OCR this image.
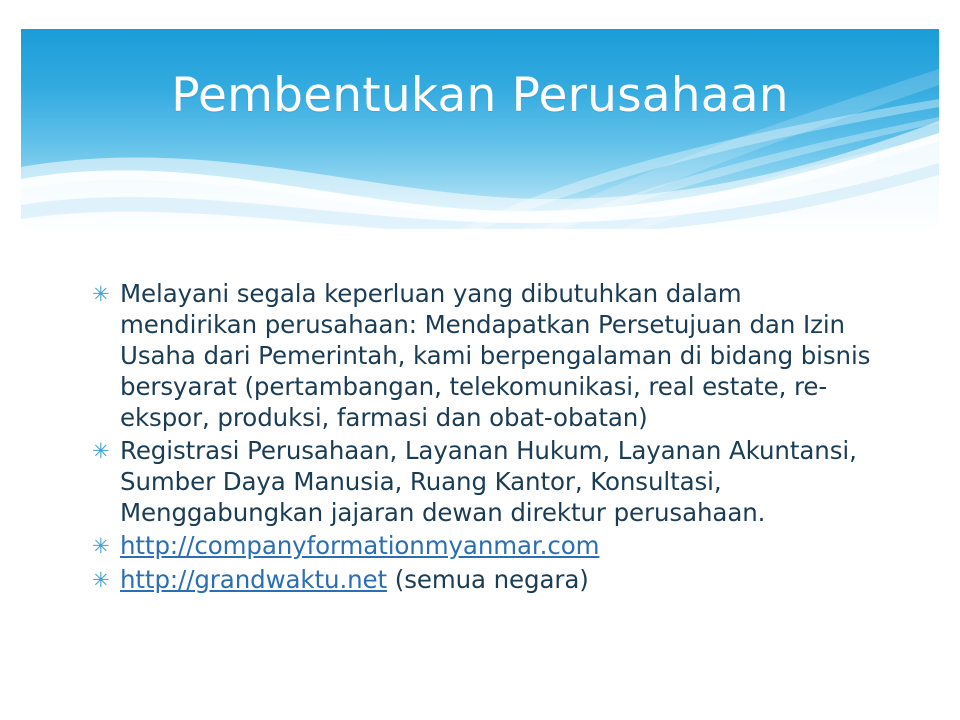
Pembentukan Perusahaan
✳ Melayani segala keperluan yang dibutuhkan dalam mendirikan perusahaan: Mendapatkan Persetujuan dan Izin Usaha dari Pemerintah, kami berpengalaman di bidang bisnis bersyarat (pertambangan, telekomunikasi, real estate, re-ekspor, produksi, farmasi dan obat-obatan)
✳ Registrasi Perusahaan, Layanan Hukum, Layanan Akuntansi, Sumber Daya Manusia, Ruang Kantor, Konsultasi, Menggabungkan jajaran dewan direktur perusahaan.
✳ http://companyformationmyanmar.com
✳ http://grandwaktu.net (semua negara)
